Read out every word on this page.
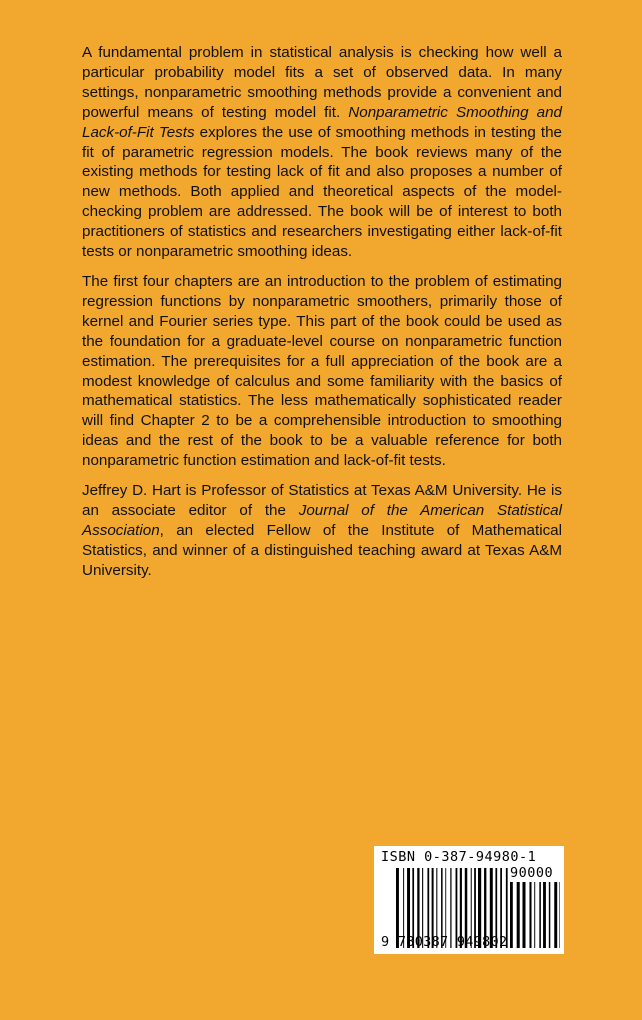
A fundamental problem in statistical analysis is checking how well a particular probability model fits a set of observed data. In many settings, nonparametric smoothing methods provide a convenient and powerful means of testing model fit. Nonparametric Smoothing and Lack-of-Fit Tests explores the use of smoothing methods in testing the fit of parametric regression models. The book reviews many of the existing methods for testing lack of fit and also proposes a number of new methods. Both applied and theoretical aspects of the model-checking problem are addressed. The book will be of interest to both practitioners of statistics and researchers investigating either lack-of-fit tests or nonparametric smoothing ideas.

The first four chapters are an introduction to the problem of estimating regression functions by nonparametric smoothers, primarily those of kernel and Fourier series type. This part of the book could be used as the foundation for a graduate-level course on nonparametric function estimation. The prerequisites for a full appreciation of the book are a modest knowledge of calculus and some familiarity with the basics of mathematical statistics. The less mathematically sophisticated reader will find Chapter 2 to be a comprehensible introduction to smoothing ideas and the rest of the book to be a valuable reference for both nonparametric function estimation and lack-of-fit tests.

Jeffrey D. Hart is Professor of Statistics at Texas A&M University. He is an associate editor of the Journal of the American Statistical Association, an elected Fellow of the Institute of Mathematical Statistics, and winner of a distinguished teaching award at Texas A&M University.

ISBN 0-387-94980-1
90000
9 780387 949802
